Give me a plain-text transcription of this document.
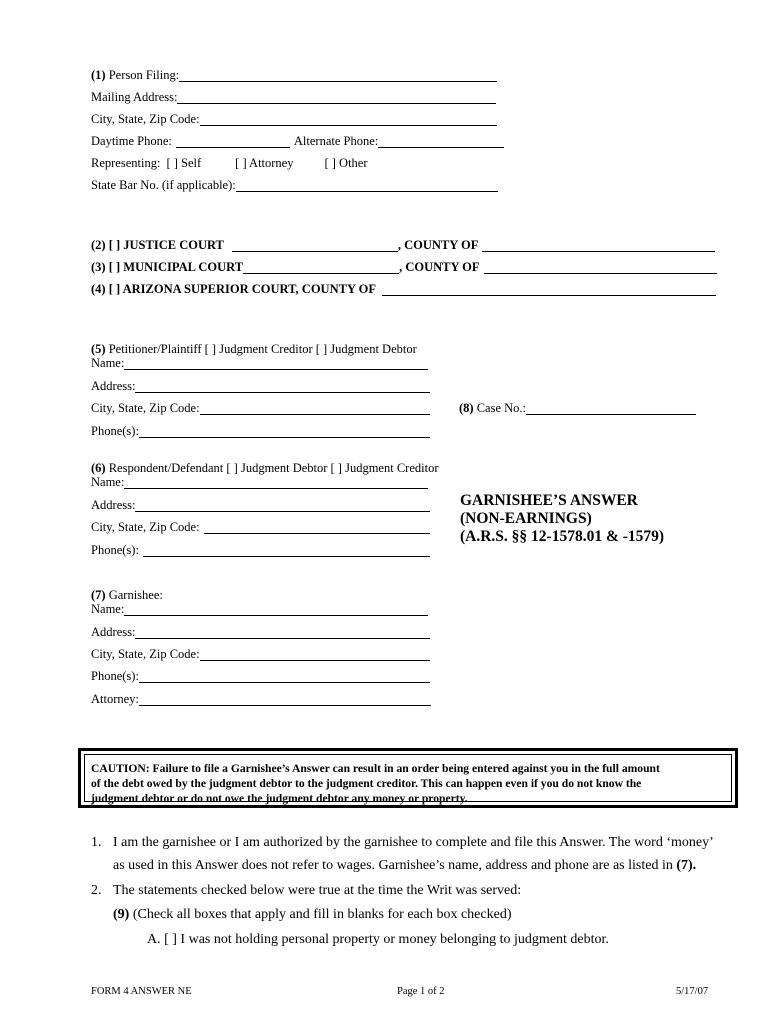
(1)
Person Filing:
Mailing Address:
City, State, Zip Code:
Daytime Phone:	Alternate Phone:
Representing: [ ] Self	[ ] Attorney [ ] Other
State Bar No. (if applicable):
(2) [ ] JUSTICE COURT	, COUNTY OF
(3) [ ] MUNICIPAL COURT	, COUNTY OF
(4) [ ] ARIZONA SUPERIOR COURT, COUNTY OF
(5)
Petitioner/Plaintiff [ ] Judgment Creditor [ ] Judgment Debtor
Name:
Address:
City, State, Zip Code:
Phone(s):
(8)
Case No.:
(6)
Respondent/Defendant [ ] Judgment Debtor [ ] Judgment Creditor
Name:
Address:
City, State, Zip Code:
Phone(s):
GARNISHEE’S ANSWER
(NON-EARNINGS)
(A.R.S. §§ 12-1578.01 & -1579)
(7)
Garnishee:
Name:
Address:
City, State, Zip Code:
Phone(s):
Attorney:
CAUTION: Failure to file a Garnishee’s Answer can result in an order being entered against you in the full amount
of the debt owed by the judgment debtor to the judgment creditor. This can happen even if you do not know the
judgment debtor or do not owe the judgment debtor any money or property.
1. I am the garnishee or I am authorized by the garnishee to complete and file this Answer. The word ‘money’
as used in this Answer does not refer to wages. Garnishee’s name, address and phone are as listed in (7).
2. The statements checked below were true at the time the Writ was served:
(9) (Check all boxes that apply and fill in blanks for each box checked)
A. [ ] I was not holding personal property or money belonging to judgment debtor.
FORM 4 ANSWER NE	Page 1 of 2	5/17/07
